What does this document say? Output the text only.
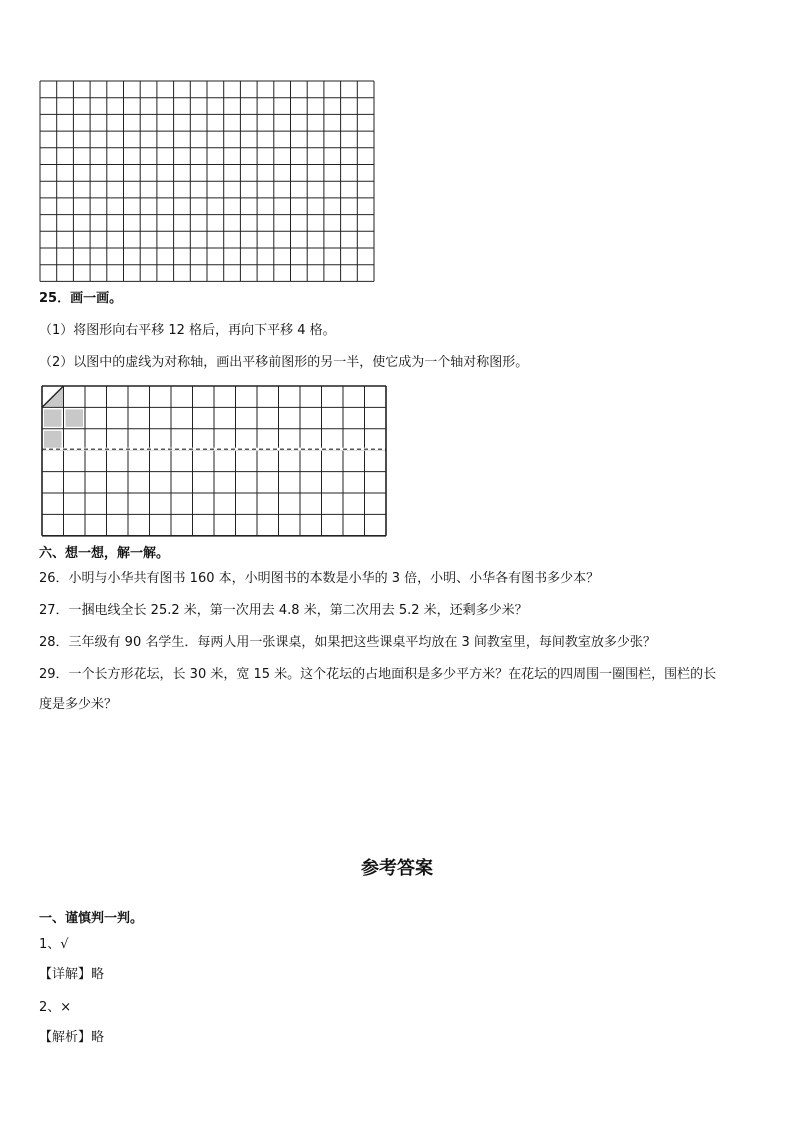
25．画一画。
（1）将图形向右平移 12 格后，再向下平移 4 格。
（2）以图中的虚线为对称轴，画出平移前图形的另一半，使它成为一个轴对称图形。
六、想一想，解一解。
26．小明与小华共有图书 160 本，小明图书的本数是小华的 3 倍，小明、小华各有图书多少本？
27．一捆电线全长 25.2 米，第一次用去 4.8 米，第二次用去 5.2 米，还剩多少米？
28．三年级有 90 名学生．每两人用一张课桌，如果把这些课桌平均放在 3 间教室里，每间教室放多少张？
29．一个长方形花坛，长 30 米，宽 15 米。这个花坛的占地面积是多少平方米？在花坛的四周围一圈围栏，围栏的长
度是多少米？
参考答案
一、谨慎判一判。
1、√
【详解】略
2、×
【解析】略
